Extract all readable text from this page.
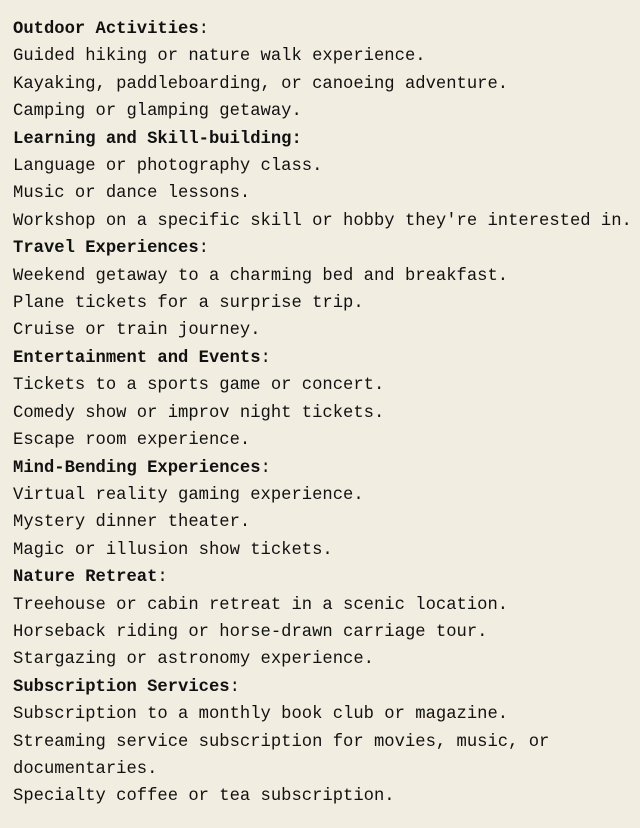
Outdoor Activities:
Guided hiking or nature walk experience.
Kayaking, paddleboarding, or canoeing adventure.
Camping or glamping getaway.
Learning and Skill-building:
Language or photography class.
Music or dance lessons.
Workshop on a specific skill or hobby they're interested in.
Travel Experiences:
Weekend getaway to a charming bed and breakfast.
Plane tickets for a surprise trip.
Cruise or train journey.
Entertainment and Events:
Tickets to a sports game or concert.
Comedy show or improv night tickets.
Escape room experience.
Mind-Bending Experiences:
Virtual reality gaming experience.
Mystery dinner theater.
Magic or illusion show tickets.
Nature Retreat:
Treehouse or cabin retreat in a scenic location.
Horseback riding or horse-drawn carriage tour.
Stargazing or astronomy experience.
Subscription Services:
Subscription to a monthly book club or magazine.
Streaming service subscription for movies, music, or documentaries.
Specialty coffee or tea subscription.
